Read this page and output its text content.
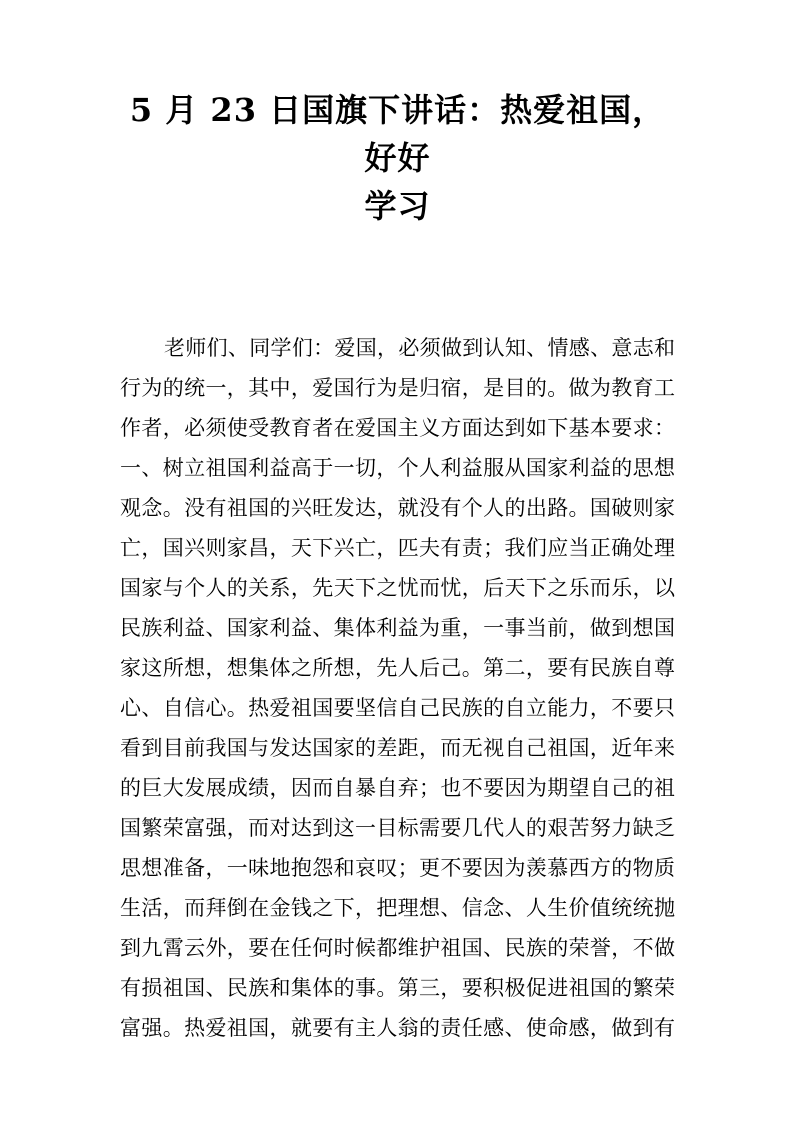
5 月 23 日国旗下讲话：热爱祖国，好好
学习
老师们、同学们：爱国，必须做到认知、情感、意志和
行为的统一，其中，爱国行为是归宿，是目的。做为教育工
作者，必须使受教育者在爱国主义方面达到如下基本要求：
一、树立祖国利益高于一切，个人利益服从国家利益的思想
观念。没有祖国的兴旺发达，就没有个人的出路。国破则家
亡，国兴则家昌，天下兴亡，匹夫有责；我们应当正确处理
国家与个人的关系，先天下之忧而忧，后天下之乐而乐，以
民族利益、国家利益、集体利益为重，一事当前，做到想国
家这所想，想集体之所想，先人后己。第二，要有民族自尊
心、自信心。热爱祖国要坚信自己民族的自立能力，不要只
看到目前我国与发达国家的差距，而无视自己祖国，近年来
的巨大发展成绩，因而自暴自弃；也不要因为期望自己的祖
国繁荣富强，而对达到这一目标需要几代人的艰苦努力缺乏
思想准备，一味地抱怨和哀叹；更不要因为羡慕西方的物质
生活，而拜倒在金钱之下，把理想、信念、人生价值统统抛
到九霄云外，要在任何时候都维护祖国、民族的荣誉，不做
有损祖国、民族和集体的事。第三，要积极促进祖国的繁荣
富强。热爱祖国，就要有主人翁的责任感、使命感，做到有
